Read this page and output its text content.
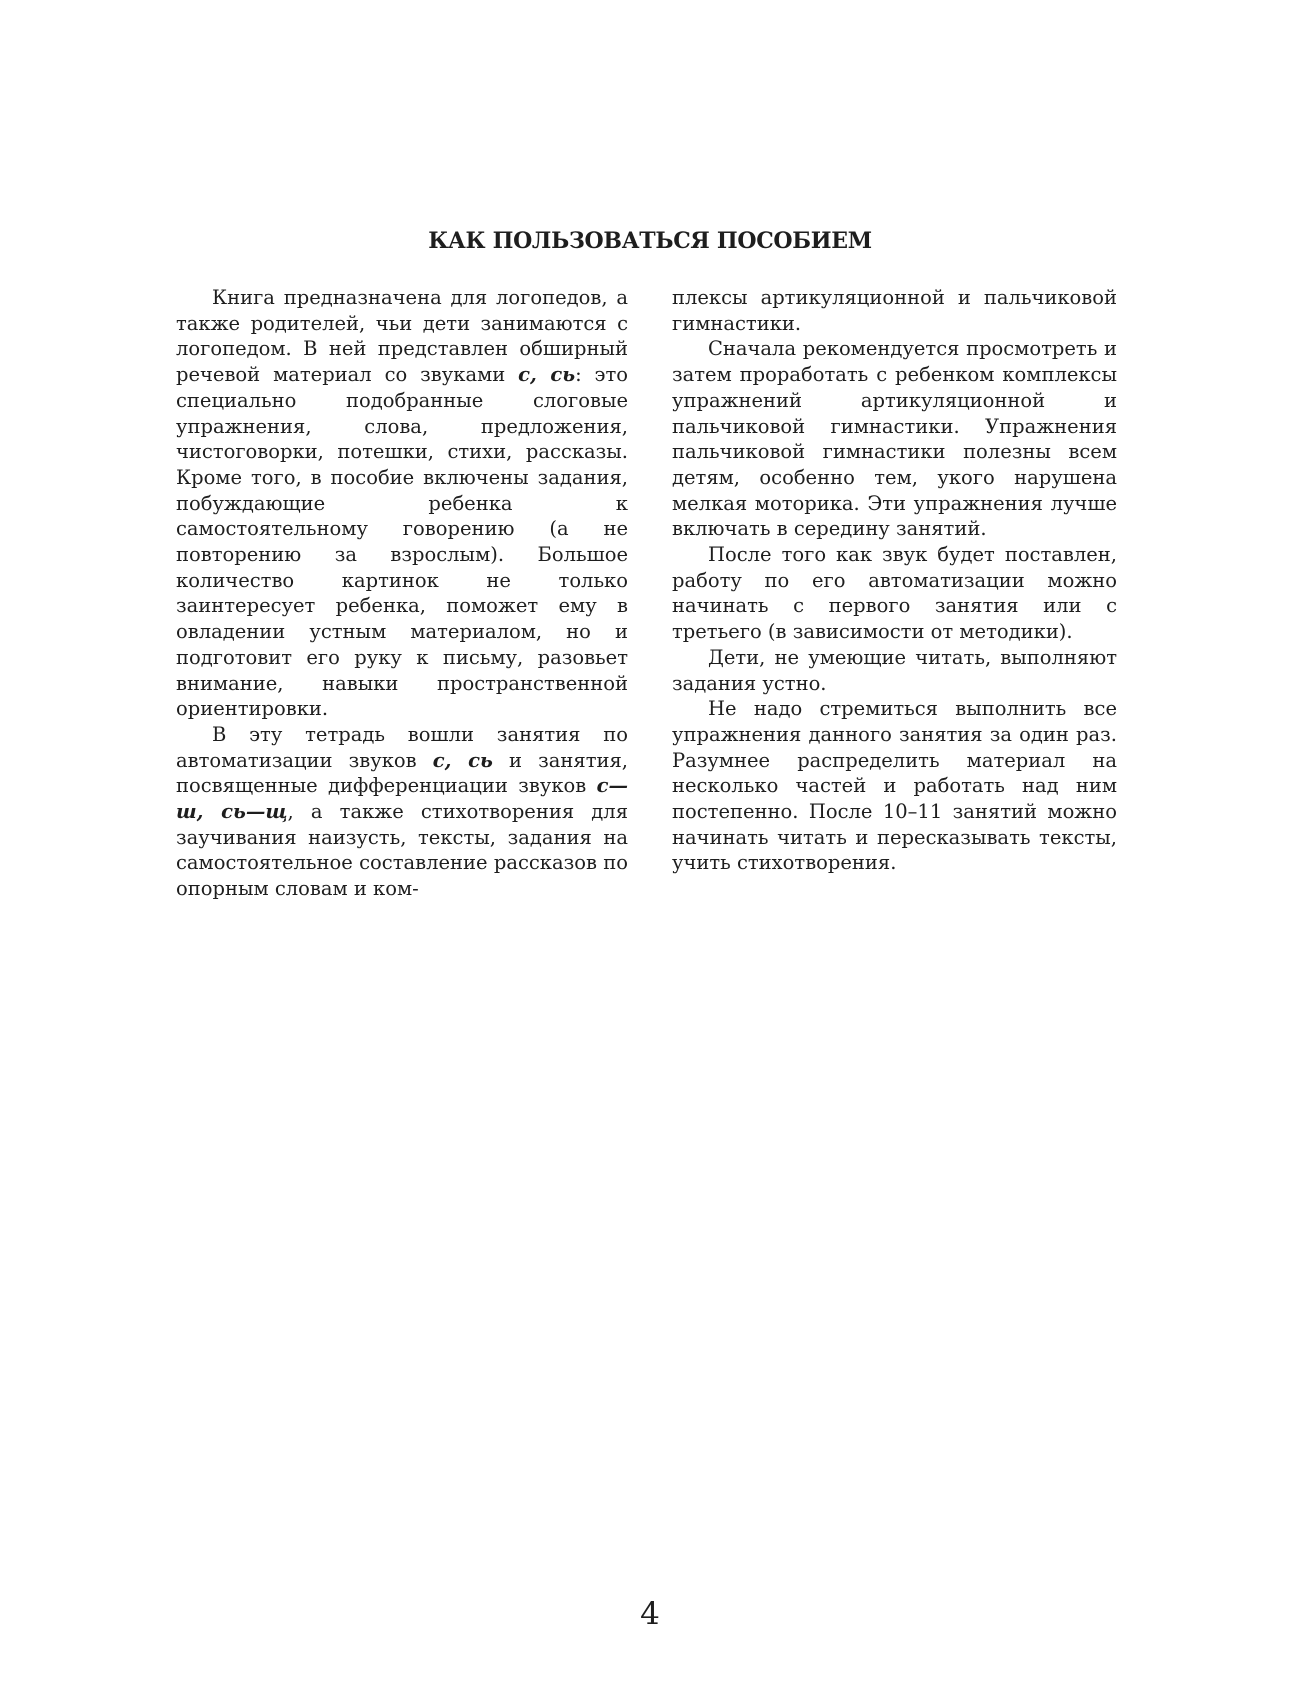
КАК ПОЛЬЗОВАТЬСЯ ПОСОБИЕМ

Книга предназначена для логопедов, а также родителей, чьи дети занимаются с логопедом. В ней представлен обширный речевой материал со звуками с, сь: это специально подобранные слоговые упражнения, слова, предложения, чистоговорки, потешки, стихи, рассказы. Кроме того, в пособие включены задания, побуждающие ребенка к самостоятельному говорению (а не повторению за взрослым). Большое количество картинок не только заинтересует ребенка, поможет ему в овладении устным материалом, но и подготовит его руку к письму, разовьет внимание, навыки пространственной ориентировки.

В эту тетрадь вошли занятия по автоматизации звуков с, сь и занятия, посвященные дифференциации звуков с—ш, сь—щ, а также стихотворения для заучивания наизусть, тексты, задания на самостоятельное составление рассказов по опорным словам и ком-

плексы артикуляционной и пальчиковой гимнастики.

Сначала рекомендуется просмотреть и затем проработать с ребенком комплексы упражнений артикуляционной и пальчиковой гимнастики. Упражнения пальчиковой гимнастики полезны всем детям, особенно тем, укого нарушена мелкая моторика. Эти упражнения лучше включать в середину занятий.

После того как звук будет поставлен, работу по его автоматизации можно начинать с первого занятия или с третьего (в зависимости от методики).

Дети, не умеющие читать, выполняют задания устно.

Не надо стремиться выполнить все упражнения данного занятия за один раз. Разумнее распределить материал на несколько частей и работать над ним постепенно. После 10–11 занятий можно начинать читать и пересказывать тексты, учить стихотворения.

4
